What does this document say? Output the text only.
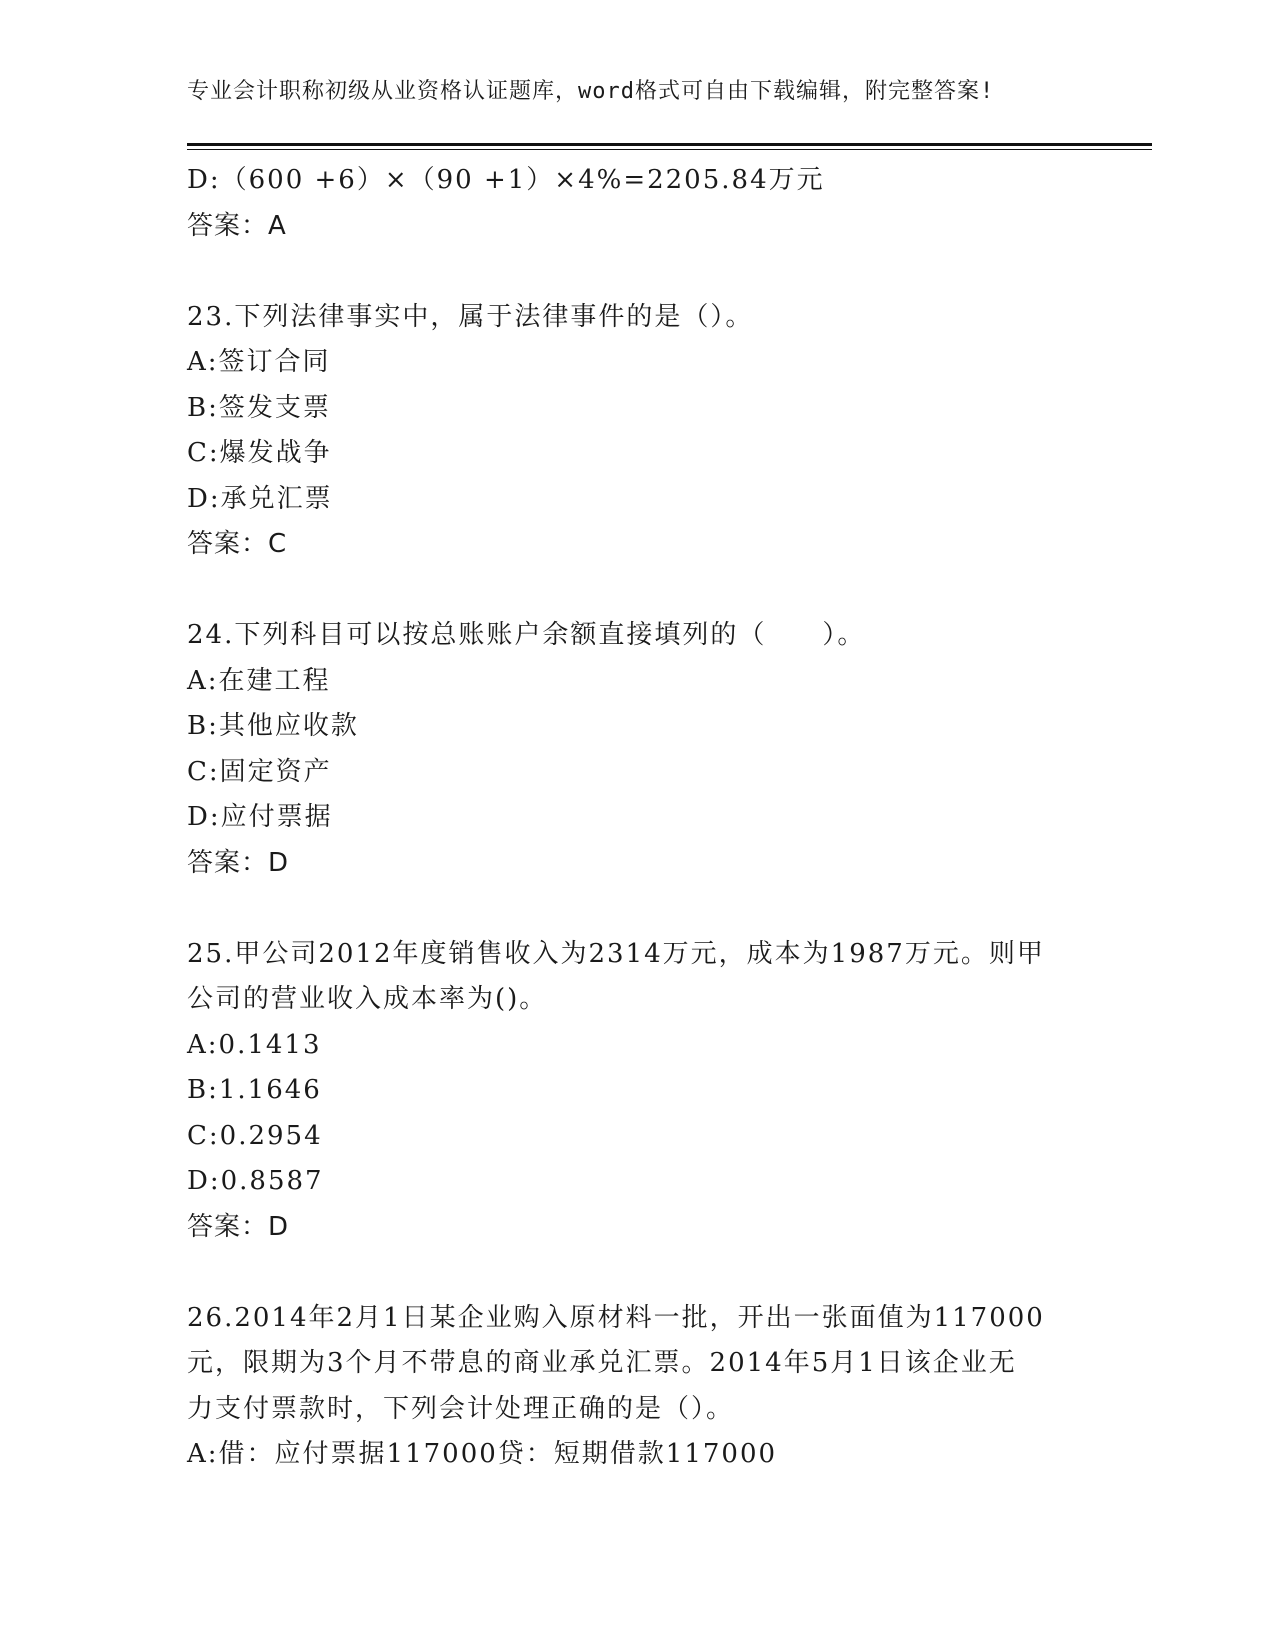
专业会计职称初级从业资格认证题库，word格式可自由下载编辑，附完整答案!
D:（600 +6）×（90 +1）×4%=2205.84万元
答案：A
23.下列法律事实中，属于法律事件的是（）。
A:签订合同
B:签发支票
C:爆发战争
D:承兑汇票
答案：C
24.下列科目可以按总账账户余额直接填列的（　　）。
A:在建工程
B:其他应收款
C:固定资产
D:应付票据
答案：D
25.甲公司2012年度销售收入为2314万元，成本为1987万元。则甲
公司的营业收入成本率为()。
A:0.1413
B:1.1646
C:0.2954
D:0.8587
答案：D
26.2014年2月1日某企业购入原材料一批，开出一张面值为117000
元，限期为3个月不带息的商业承兑汇票。2014年5月1日该企业无
力支付票款时，下列会计处理正确的是（）。
A:借：应付票据117000贷：短期借款117000
